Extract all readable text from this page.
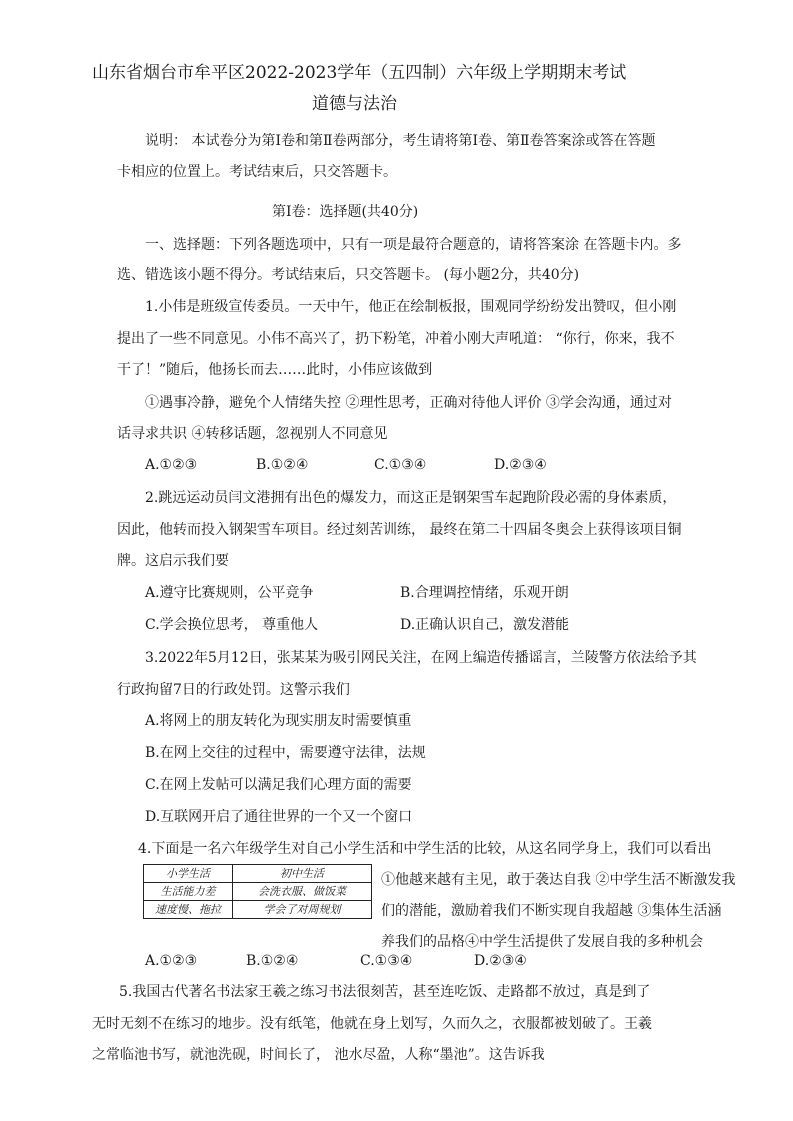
山东省烟台市牟平区2022-2023学年（五四制）六年级上学期期末考试
道德与法治
说明： 本试卷分为第Ⅰ卷和第Ⅱ卷两部分，考生请将第Ⅰ卷、第Ⅱ卷答案涂或答在答题
卡相应的位置上。考试结束后，只交答题卡。
第Ⅰ卷：选择题(共40分)
一、选择题：下列各题选项中，只有一项是最符合题意的，请将答案涂 在答题卡内。多
选、错选该小题不得分。考试结束后，只交答题卡。 (每小题2分，共40分)
1.小伟是班级宣传委员。一天中午，他正在绘制板报，围观同学纷纷发出赞叹，但小刚
提出了一些不同意见。小伟不高兴了，扔下粉笔，冲着小刚大声吼道： “你行，你来，我不
干了！”随后，他扬长而去……此时，小伟应该做到
①遇事冷静，避免个人情绪失控 ②理性思考，正确对待他人评价 ③学会沟通，通过对
话寻求共识 ④转移话题，忽视别人不同意见
A.①②③	B.①②④	C.①③④	D.②③④
2.跳远运动员闫文港拥有出色的爆发力，而这正是钢架雪车起跑阶段必需的身体素质，
因此，他转而投入钢架雪车项目。经过刻苦训练， 最终在第二十四届冬奥会上获得该项目铜
牌。这启示我们要
A.遵守比赛规则，公平竞争	B.合理调控情绪，乐观开朗
C.学会换位思考， 尊重他人	D.正确认识自己，激发潜能
3.2022年5月12日，张某某为吸引网民关注，在网上编造传播谣言，兰陵警方依法给予其
行政拘留7日的行政处罚。这警示我们
A.将网上的朋友转化为现实朋友时需要慎重
B.在网上交往的过程中，需要遵守法律，法规
C.在网上发帖可以满足我们心理方面的需要
D.互联网开启了通往世界的一个又一个窗口
4.下面是一名六年级学生对自己小学生活和中学生活的比较，从这名同学身上，我们可以看出
小学生活	初中生活
生活能力差	会洗衣服、做饭菜
速度慢、拖拉	学会了对周规划
①他越来越有主见，敢于袭达自我 ②中学生活不断激发我
们的潜能，激励着我们不断实现自我超越 ③集体生活涵
养我们的品格④中学生活提供了发展自我的多种机会
A.①②③	B.①②④	C.①③④	D.②③④
5.我国古代著名书法家王羲之练习书法很刻苦，甚至连吃饭、走路都不放过，真是到了
无时无刻不在练习的地步。没有纸笔，他就在身上划写，久而久之，衣服都被划破了。王羲
之常临池书写，就池洗砚，时间长了， 池水尽盈，人称“墨池”。这告诉我
